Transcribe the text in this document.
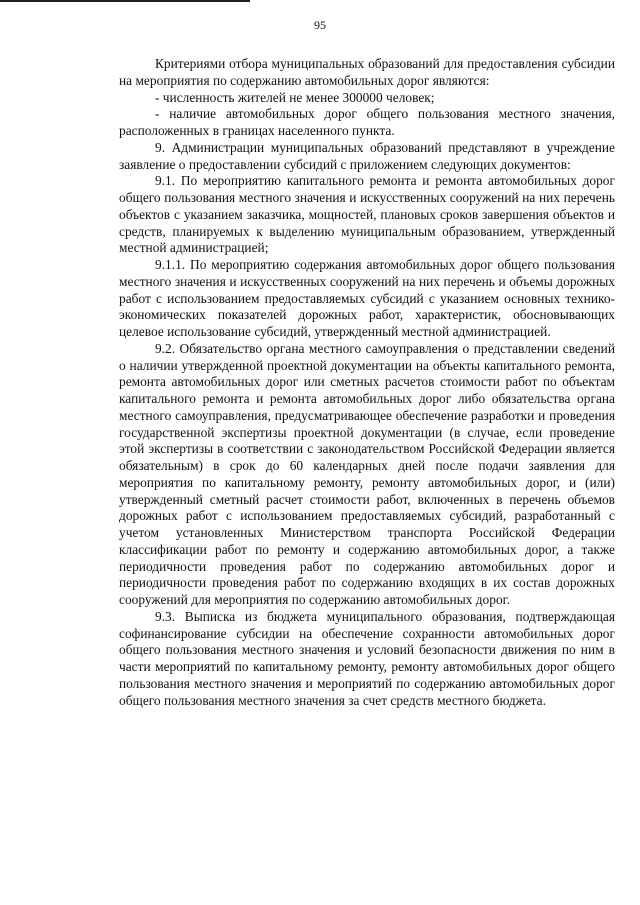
95

Критериями отбора муниципальных образований для предоставления субсидии на мероприятия по содержанию автомобильных дорог являются:

- численность жителей не менее 300000 человек;

- наличие автомобильных дорог общего пользования местного значения, расположенных в границах населенного пункта.

9. Администрации муниципальных образований представляют в учреждение заявление о предоставлении субсидий с приложением следующих документов:

9.1. По мероприятию капитального ремонта и ремонта автомобильных дорог общего пользования местного значения и искусственных сооружений на них перечень объектов с указанием заказчика, мощностей, плановых сроков завершения объектов и средств, планируемых к выделению муниципальным образованием, утвержденный местной администрацией;

9.1.1. По мероприятию содержания автомобильных дорог общего пользования местного значения и искусственных сооружений на них перечень и объемы дорожных работ с использованием предоставляемых субсидий с указанием основных технико-экономических показателей дорожных работ, характеристик, обосновывающих целевое использование субсидий, утвержденный местной администрацией.

9.2. Обязательство органа местного самоуправления о представлении сведений о наличии утвержденной проектной документации на объекты капитального ремонта, ремонта автомобильных дорог или сметных расчетов стоимости работ по объектам капитального ремонта и ремонта автомобильных дорог либо обязательства органа местного самоуправления, предусматривающее обеспечение разработки и проведения государственной экспертизы проектной документации (в случае, если проведение этой экспертизы в соответствии с законодательством Российской Федерации является обязательным) в срок до 60 календарных дней после подачи заявления для мероприятия по капитальному ремонту, ремонту автомобильных дорог, и (или) утвержденный сметный расчет стоимости работ, включенных в перечень объемов дорожных работ с использованием предоставляемых субсидий, разработанный с учетом установленных Министерством транспорта Российской Федерации классификации работ по ремонту и содержанию автомобильных дорог, а также периодичности проведения работ по содержанию автомобильных дорог и периодичности проведения работ по содержанию входящих в их состав дорожных сооружений для мероприятия по содержанию автомобильных дорог.

9.3. Выписка из бюджета муниципального образования, подтверждающая софинансирование субсидии на обеспечение сохранности автомобильных дорог общего пользования местного значения и условий безопасности движения по ним в части мероприятий по капитальному ремонту, ремонту автомобильных дорог общего пользования местного значения и мероприятий по содержанию автомобильных дорог общего пользования местного значения за счет средств местного бюджета.
